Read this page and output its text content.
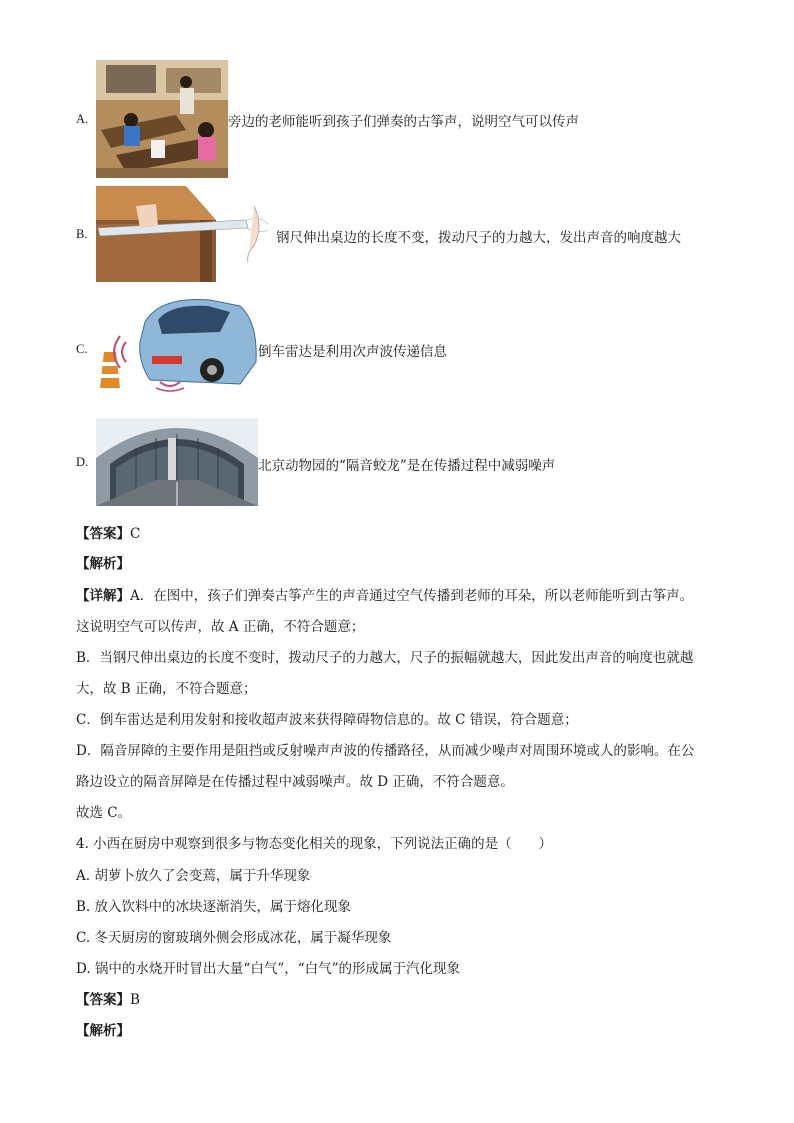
A.	旁边的老师能听到孩子们弹奏的古筝声，说明空气可以传声
B.	钢尺伸出桌边的长度不变，拨动尺子的力越大，发出声音的响度越大
C.	倒车雷达是利用次声波传递信息
D.	北京动物园的“隔音蛟龙”是在传播过程中减弱噪声
【答案】C
【解析】
【详解】A．在图中，孩子们弹奏古筝产生的声音通过空气传播到老师的耳朵，所以老师能听到古筝声。
这说明空气可以传声，故 A 正确，不符合题意；
B．当钢尺伸出桌边的长度不变时，拨动尺子的力越大，尺子的振幅就越大，因此发出声音的响度也就越
大，故 B 正确，不符合题意；
C．倒车雷达是利用发射和接收超声波来获得障碍物信息的。故 C 错误，符合题意；
D．隔音屏障的主要作用是阻挡或反射噪声声波的传播路径，从而减少噪声对周围环境或人的影响。在公
路边设立的隔音屏障是在传播过程中减弱噪声。故 D 正确，不符合题意。
故选 C。
4. 小西在厨房中观察到很多与物态变化相关的现象，下列说法正确的是（　　）
A. 胡萝卜放久了会变蔫，属于升华现象
B. 放入饮料中的冰块逐渐消失，属于熔化现象
C. 冬天厨房的窗玻璃外侧会形成冰花，属于凝华现象
D. 锅中的水烧开时冒出大量“白气”，“白气”的形成属于汽化现象
【答案】B
【解析】
